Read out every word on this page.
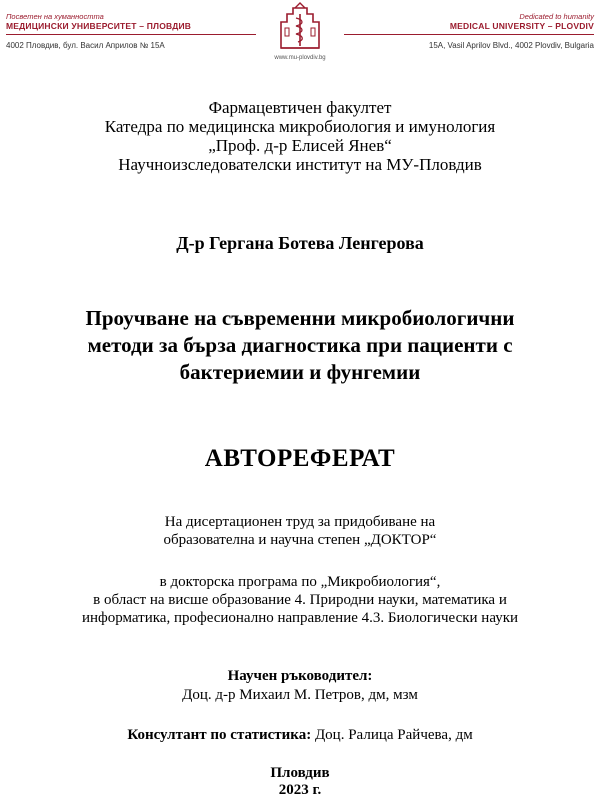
Посветен на хуманността
МЕДИЦИНСКИ УНИВЕРСИТЕТ – ПЛОВДИВ
4002 Пловдив, бул. Васил Априлов № 15А
www.mu-plovdiv.bg
Dedicated to humanity
MEDICAL UNIVERSITY – PLOVDIV
15A, Vasil Aprilov Blvd., 4002 Plovdiv, Bulgaria
Фармацевтичен факултет
Катедра по медицинска микробиология и имунология
„Проф. д-р Елисей Янев“
Научноизследователски институт на МУ-Пловдив
Д-р Гергана Ботева Ленгерова
Проучване на съвременни микробиологични
методи за бърза диагностика при пациенти с
бактериемии и фунгемии
АВТОРЕФЕРАТ
На дисертационен труд за придобиване на
образователна и научна степен „ДОКТОР“
в докторска програма по „Микробиология“,
в област на висше образование 4. Природни науки, математика и
информатика, професионално направление 4.3. Биологически науки
Научен ръководител:
Доц. д-р Михаил М. Петров, дм, мзм
Консултант по статистика: Доц. Ралица Райчева, дм
Пловдив
2023 г.
